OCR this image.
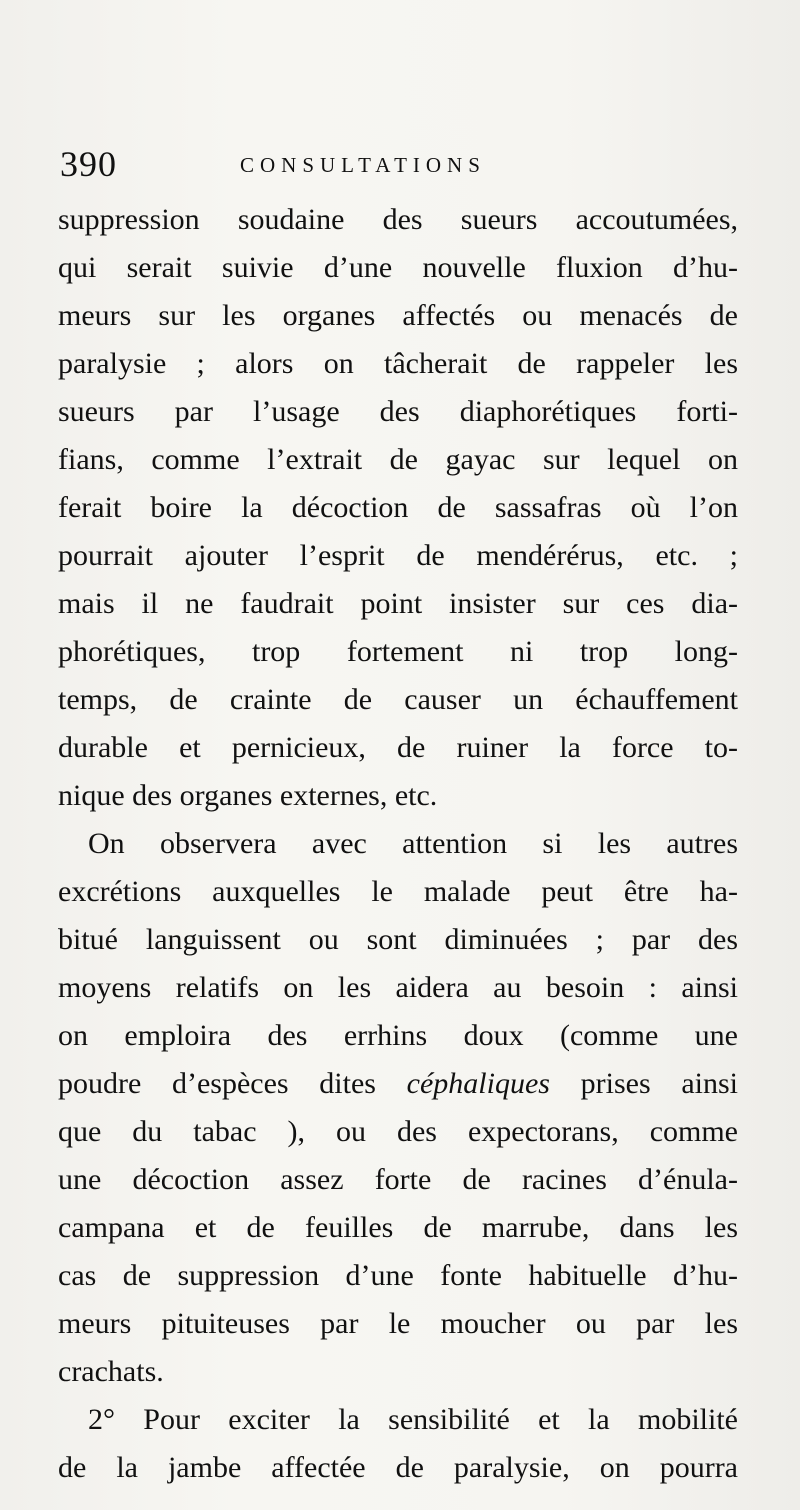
390	CONSULTATIONS
suppression soudaine des sueurs accoutumées,
qui serait suivie d’une nouvelle fluxion d’hu-
meurs sur les organes affectés ou menacés de
paralysie ; alors on tâcherait de rappeler les
sueurs par l’usage des diaphorétiques forti-
fians, comme l’extrait de gayac sur lequel on
ferait boire la décoction de sassafras où l’on
pourrait ajouter l’esprit de mendérérus, etc. ;
mais il ne faudrait point insister sur ces dia-
phorétiques, trop fortement ni trop long-
temps, de crainte de causer un échauffement
durable et pernicieux, de ruiner la force to-
nique des organes externes, etc.
On observera avec attention si les autres
excrétions auxquelles le malade peut être ha-
bitué languissent ou sont diminuées ; par des
moyens relatifs on les aidera au besoin : ainsi
on emploira des errhins doux (comme une
poudre d’espèces dites céphaliques prises ainsi
que du tabac ), ou des expectorans, comme
une décoction assez forte de racines d’énula-
campana et de feuilles de marrube, dans les
cas de suppression d’une fonte habituelle d’hu-
meurs pituiteuses par le moucher ou par les
crachats.
2° Pour exciter la sensibilité et la mobilité
de la jambe affectée de paralysie, on pourra
